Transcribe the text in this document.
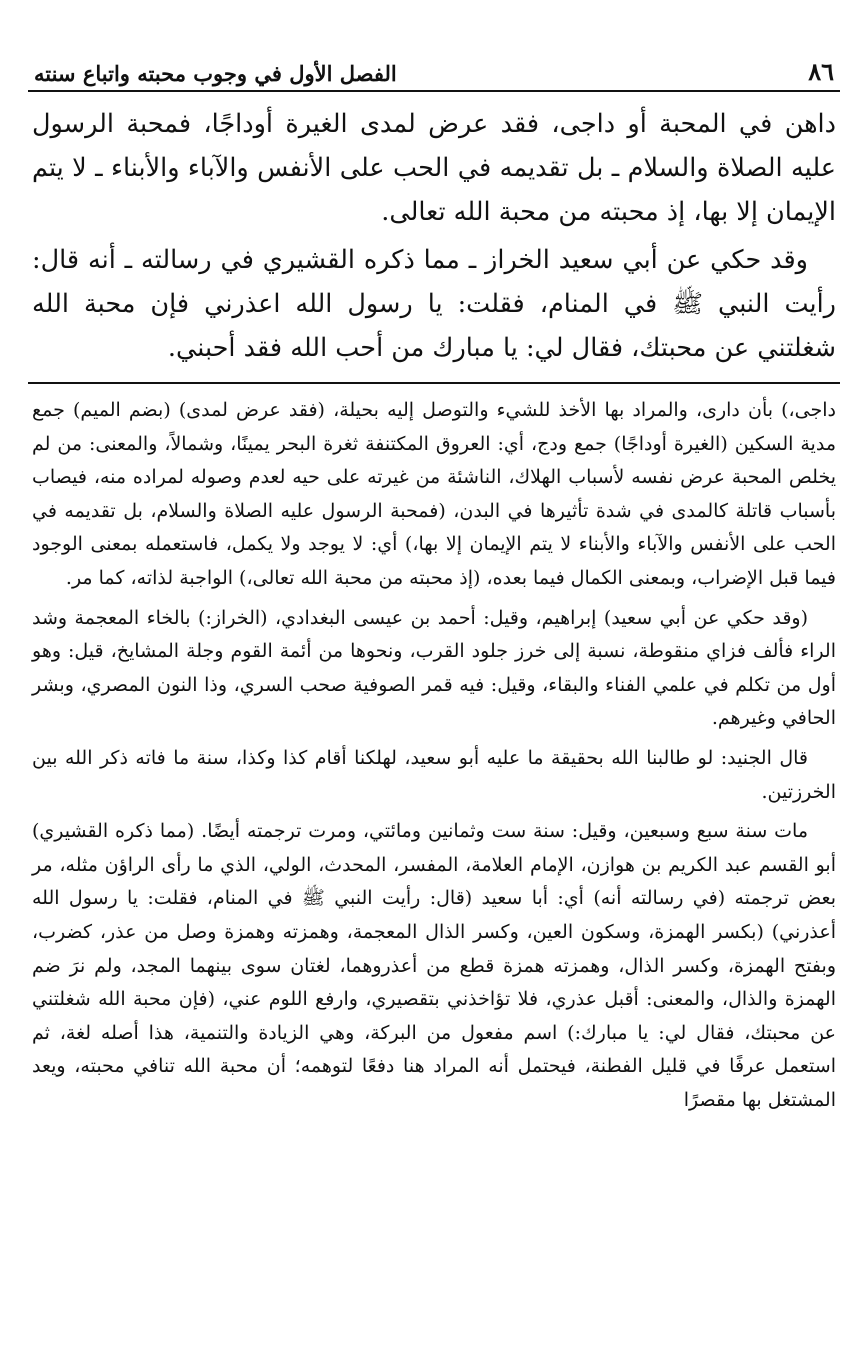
٨٦
الفصل الأول في وجوب محبته واتباع سنته

داهن في المحبة أو داجى، فقد عرض لمدى الغيرة أوداجًا، فمحبة الرسول عليه الصلاة والسلام ـ بل تقديمه في الحب على الأنفس والآباء والأبناء ـ لا يتم الإيمان إلا بها، إذ محبته من محبة الله تعالى.

وقد حكي عن أبي سعيد الخراز ـ مما ذكره القشيري في رسالته ـ أنه قال: رأيت النبي ﷺ في المنام، فقلت: يا رسول الله اعذرني فإن محبة الله شغلتني عن محبتك، فقال لي: يا مبارك من أحب الله فقد أحبني.

داجى،) بأن دارى، والمراد بها الأخذ للشيء والتوصل إليه بحيلة، (فقد عرض لمدى) (بضم الميم) جمع مدية السكين (الغيرة أوداجًا) جمع ودج، أي: العروق المكتنفة ثغرة البحر يمينًا، وشمالاً، والمعنى: من لم يخلص المحبة عرض نفسه لأسباب الهلاك، الناشئة من غيرته على حيه لعدم وصوله لمراده منه، فيصاب بأسباب قاتلة كالمدى في شدة تأثيرها في البدن، (فمحبة الرسول عليه الصلاة والسلام، بل تقديمه في الحب على الأنفس والآباء والأبناء لا يتم الإيمان إلا بها،) أي: لا يوجد ولا يكمل، فاستعمله بمعنى الوجود فيما قبل الإضراب، وبمعنى الكمال فيما بعده، (إذ محبته من محبة الله تعالى،) الواجبة لذاته، كما مر.

(وقد حكي عن أبي سعيد) إبراهيم، وقيل: أحمد بن عيسى البغدادي، (الخراز:) بالخاء المعجمة وشد الراء فألف فزاي منقوطة، نسبة إلى خرز جلود القرب، ونحوها من أئمة القوم وجلة المشايخ، قيل: وهو أول من تكلم في علمي الفناء والبقاء، وقيل: فيه قمر الصوفية صحب السري، وذا النون المصري، وبشر الحافي وغيرهم.

قال الجنيد: لو طالبنا الله بحقيقة ما عليه أبو سعيد، لهلكنا أقام كذا وكذا، سنة ما فاته ذكر الله بين الخرزتين.

مات سنة سبع وسبعين، وقيل: سنة ست وثمانين ومائتي، ومرت ترجمته أيضًا. (مما ذكره القشيري) أبو القسم عبد الكريم بن هوازن، الإمام العلامة، المفسر، المحدث، الولي، الذي ما رأى الراؤن مثله، مر بعض ترجمته (في رسالته أنه) أي: أبا سعيد (قال: رأيت النبي ﷺ في المنام، فقلت: يا رسول الله أعذرني) (بكسر الهمزة، وسكون العين، وكسر الذال المعجمة، وهمزته وهمزة وصل من عذر، كضرب، وبفتح الهمزة، وكسر الذال، وهمزته همزة قطع من أعذروهما، لغتان سوى بينهما المجد، ولم نرَ ضم الهمزة والذال، والمعنى: أقبل عذري، فلا تؤاخذني بتقصيري، وارفع اللوم عني، (فإن محبة الله شغلتني عن محبتك، فقال لي: يا مبارك:) اسم مفعول من البركة، وهي الزيادة والتنمية، هذا أصله لغة، ثم استعمل عرفًا في قليل الفطنة، فيحتمل أنه المراد هنا دفعًا لتوهمه؛ أن محبة الله تنافي محبته، ويعد المشتغل بها مقصرًا
